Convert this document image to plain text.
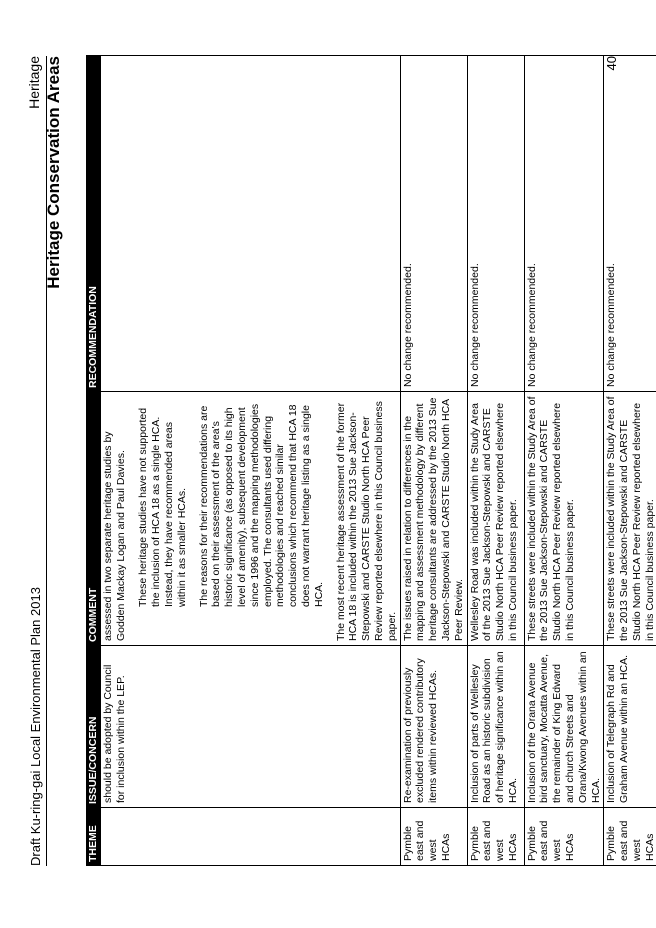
Draft Ku-ring-gai Local Environmental Plan 2013
Heritage Heritage Conservation Areas
THEME	ISSUE/CONCERN	COMMENT	RECOMMENDATION
	should be adopted by Council for inclusion within the LEP.	assessed in two separate heritage studies by Godden Mackay Logan and Paul Davies. These heritage studies have not supported the inclusion of HCA 18 as a single HCA. Instead, they have recommended areas within it as smaller HCAs. The reasons for their recommendations are based on their assessment of the area's historic significance (as opposed to its high level of amenity), subsequent development since 1996 and the mapping methodologies employed. The consultants used differing methodologies and reached similar conclusions which recommend that HCA 18 does not warrant heritage listing as a single HCA. The most recent heritage assessment of the former HCA 18 is included within the 2013 Sue Jackson-Stepowski and CARSTE Studio North HCA Peer Review reported elsewhere in this Council business paper.	

Pymble east and west HCAs	Re-examination of previously excluded rendered contributory items within reviewed HCAs.	The issues raised in relation to differences in the mapping and assessment methodology by different heritage consultants are addressed by the 2013 Sue Jackson-Stepowski and CARSTE Studio North HCA Peer Review.	No change recommended.
Pymble east and west HCAs	Inclusion of parts of Wellesley Road as an historic subdivision of heritage significance within an HCA.	Wellesley Road was included within the Study Area of the 2013 Sue Jackson-Stepowski and CARSTE Studio North HCA Peer Review reported elsewhere in this Council business paper.	No change recommended.
Pymble east and west HCAs	Inclusion of the Orana Avenue bird sanctuary, Mocatta Avenue, the remainder of King Edward and church Streets and Orana/Kwong Avenues within an HCA.	These streets were included within the Study Area of the 2013 Sue Jackson-Stepowski and CARSTE Studio North HCA Peer Review reported elsewhere in this Council business paper.	No change recommended.
Pymble east and west HCAs	Inclusion of Telegraph Rd and Graham Avenue within an HCA.	These streets were included within the Study Area of the 2013 Sue Jackson-Stepowski and CARSTE Studio North HCA Peer Review reported elsewhere in this Council business paper.	No change recommended.
40
